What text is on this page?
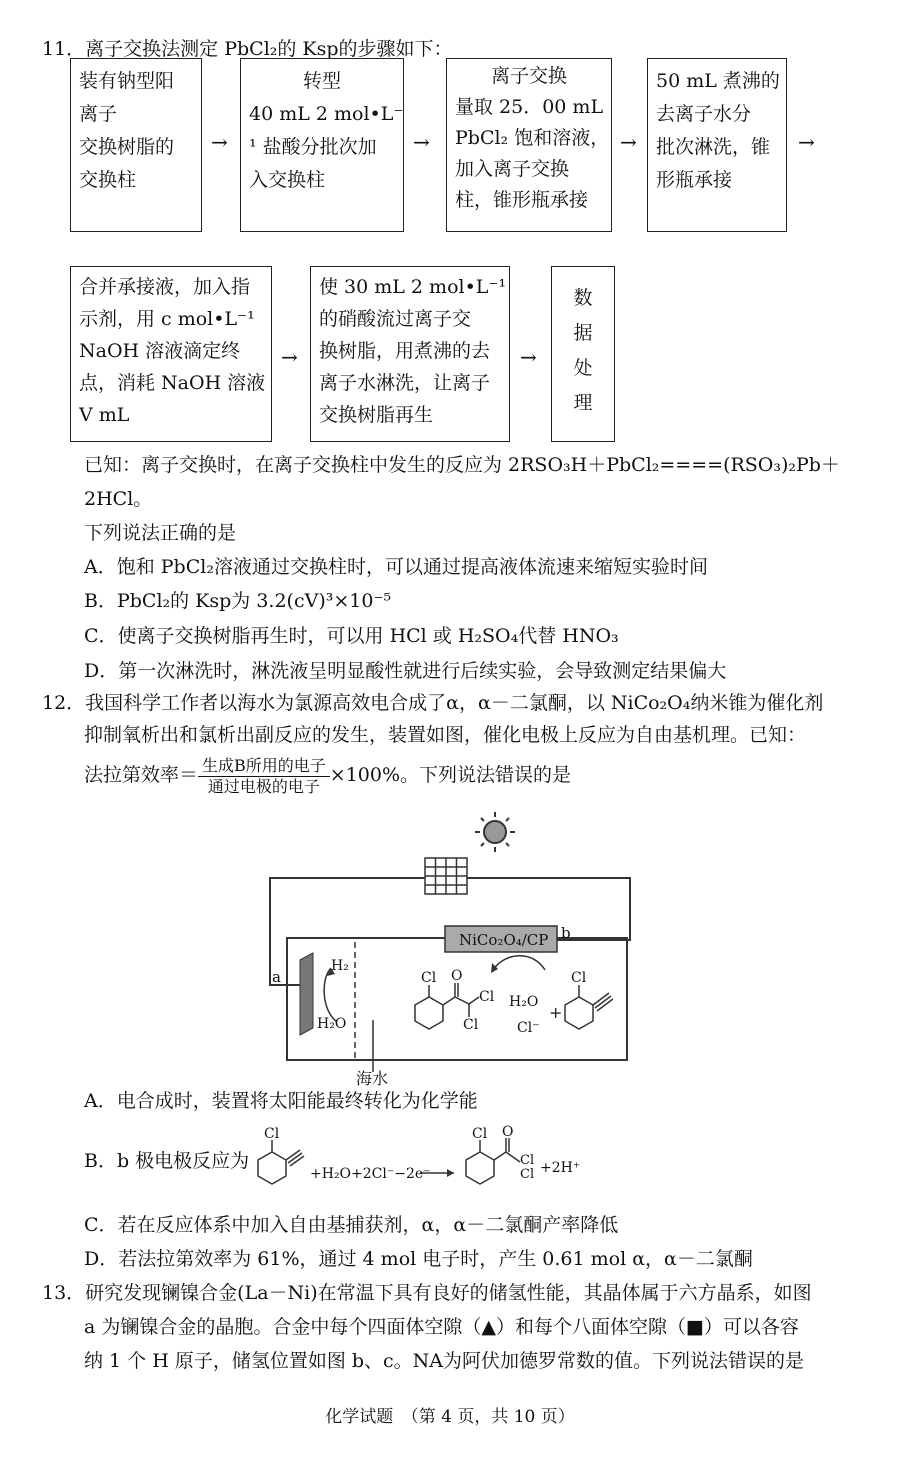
11．离子交换法测定 PbCl₂的 Ksp的步骤如下：
装有钠型阳
离子
交换树脂的
交换柱
→
转型
40 mL 2 mol•L⁻
¹ 盐酸分批次加
入交换柱
→
离子交换
量取 25．00 mL
PbCl₂ 饱和溶液，
加入离子交换
柱，锥形瓶承接
→
50 mL 煮沸的
去离子水分
批次淋洗，锥
形瓶承接
→
合并承接液，加入指
示剂，用 c mol•L⁻¹
NaOH 溶液滴定终
点，消耗 NaOH 溶液
V mL
→
使 30 mL 2 mol•L⁻¹
的硝酸流过离子交
换树脂，用煮沸的去
离子水淋洗，让离子
交换树脂再生
→
数
据
处
理
已知：离子交换时，在离子交换柱中发生的反应为 2RSO₃H＋PbCl₂====(RSO₃)₂Pb＋
2HCl。
下列说法正确的是
A．饱和 PbCl₂溶液通过交换柱时，可以通过提高液体流速来缩短实验时间
B．PbCl₂的 Ksp为 3.2(cV)³×10⁻⁵
C．使离子交换树脂再生时，可以用 HCl 或 H₂SO₄代替 HNO₃
D．第一次淋洗时，淋洗液呈明显酸性就进行后续实验，会导致测定结果偏大
12．我国科学工作者以海水为氯源高效电合成了α，α－二氯酮，以 NiCo₂O₄纳米锥为催化剂
抑制氧析出和氯析出副反应的发生，装置如图，催化电极上反应为自由基机理。已知：
法拉第效率＝ $\frac{\text{生成B所用的电子}}{\text{通过电极的电子}} \times 100\%$。下列说法错误的是
NiCo₂O₄/CP b
a
H₂
H₂O
Cl O
Cl
Cl
H₂O
Cl⁻
+
Cl
海水
A．电合成时，装置将太阳能最终转化为化学能
B．b 极电极反应为
Cl
+H₂O+2Cl⁻−2e⁻
Cl O
Cl
Cl +2H⁺
C．若在反应体系中加入自由基捕获剂，α，α－二氯酮产率降低
D．若法拉第效率为 61%，通过 4 mol 电子时，产生 0.61 mol α，α－二氯酮
13．研究发现镧镍合金(La－Ni)在常温下具有良好的储氢性能，其晶体属于六方晶系，如图
a 为镧镍合金的晶胞。合金中每个四面体空隙（▲）和每个八面体空隙（■）可以各容
纳 1 个 H 原子，储氢位置如图 b、c。NA为阿伏加德罗常数的值。下列说法错误的是
化学试题　（第 4 页，共 10 页）
